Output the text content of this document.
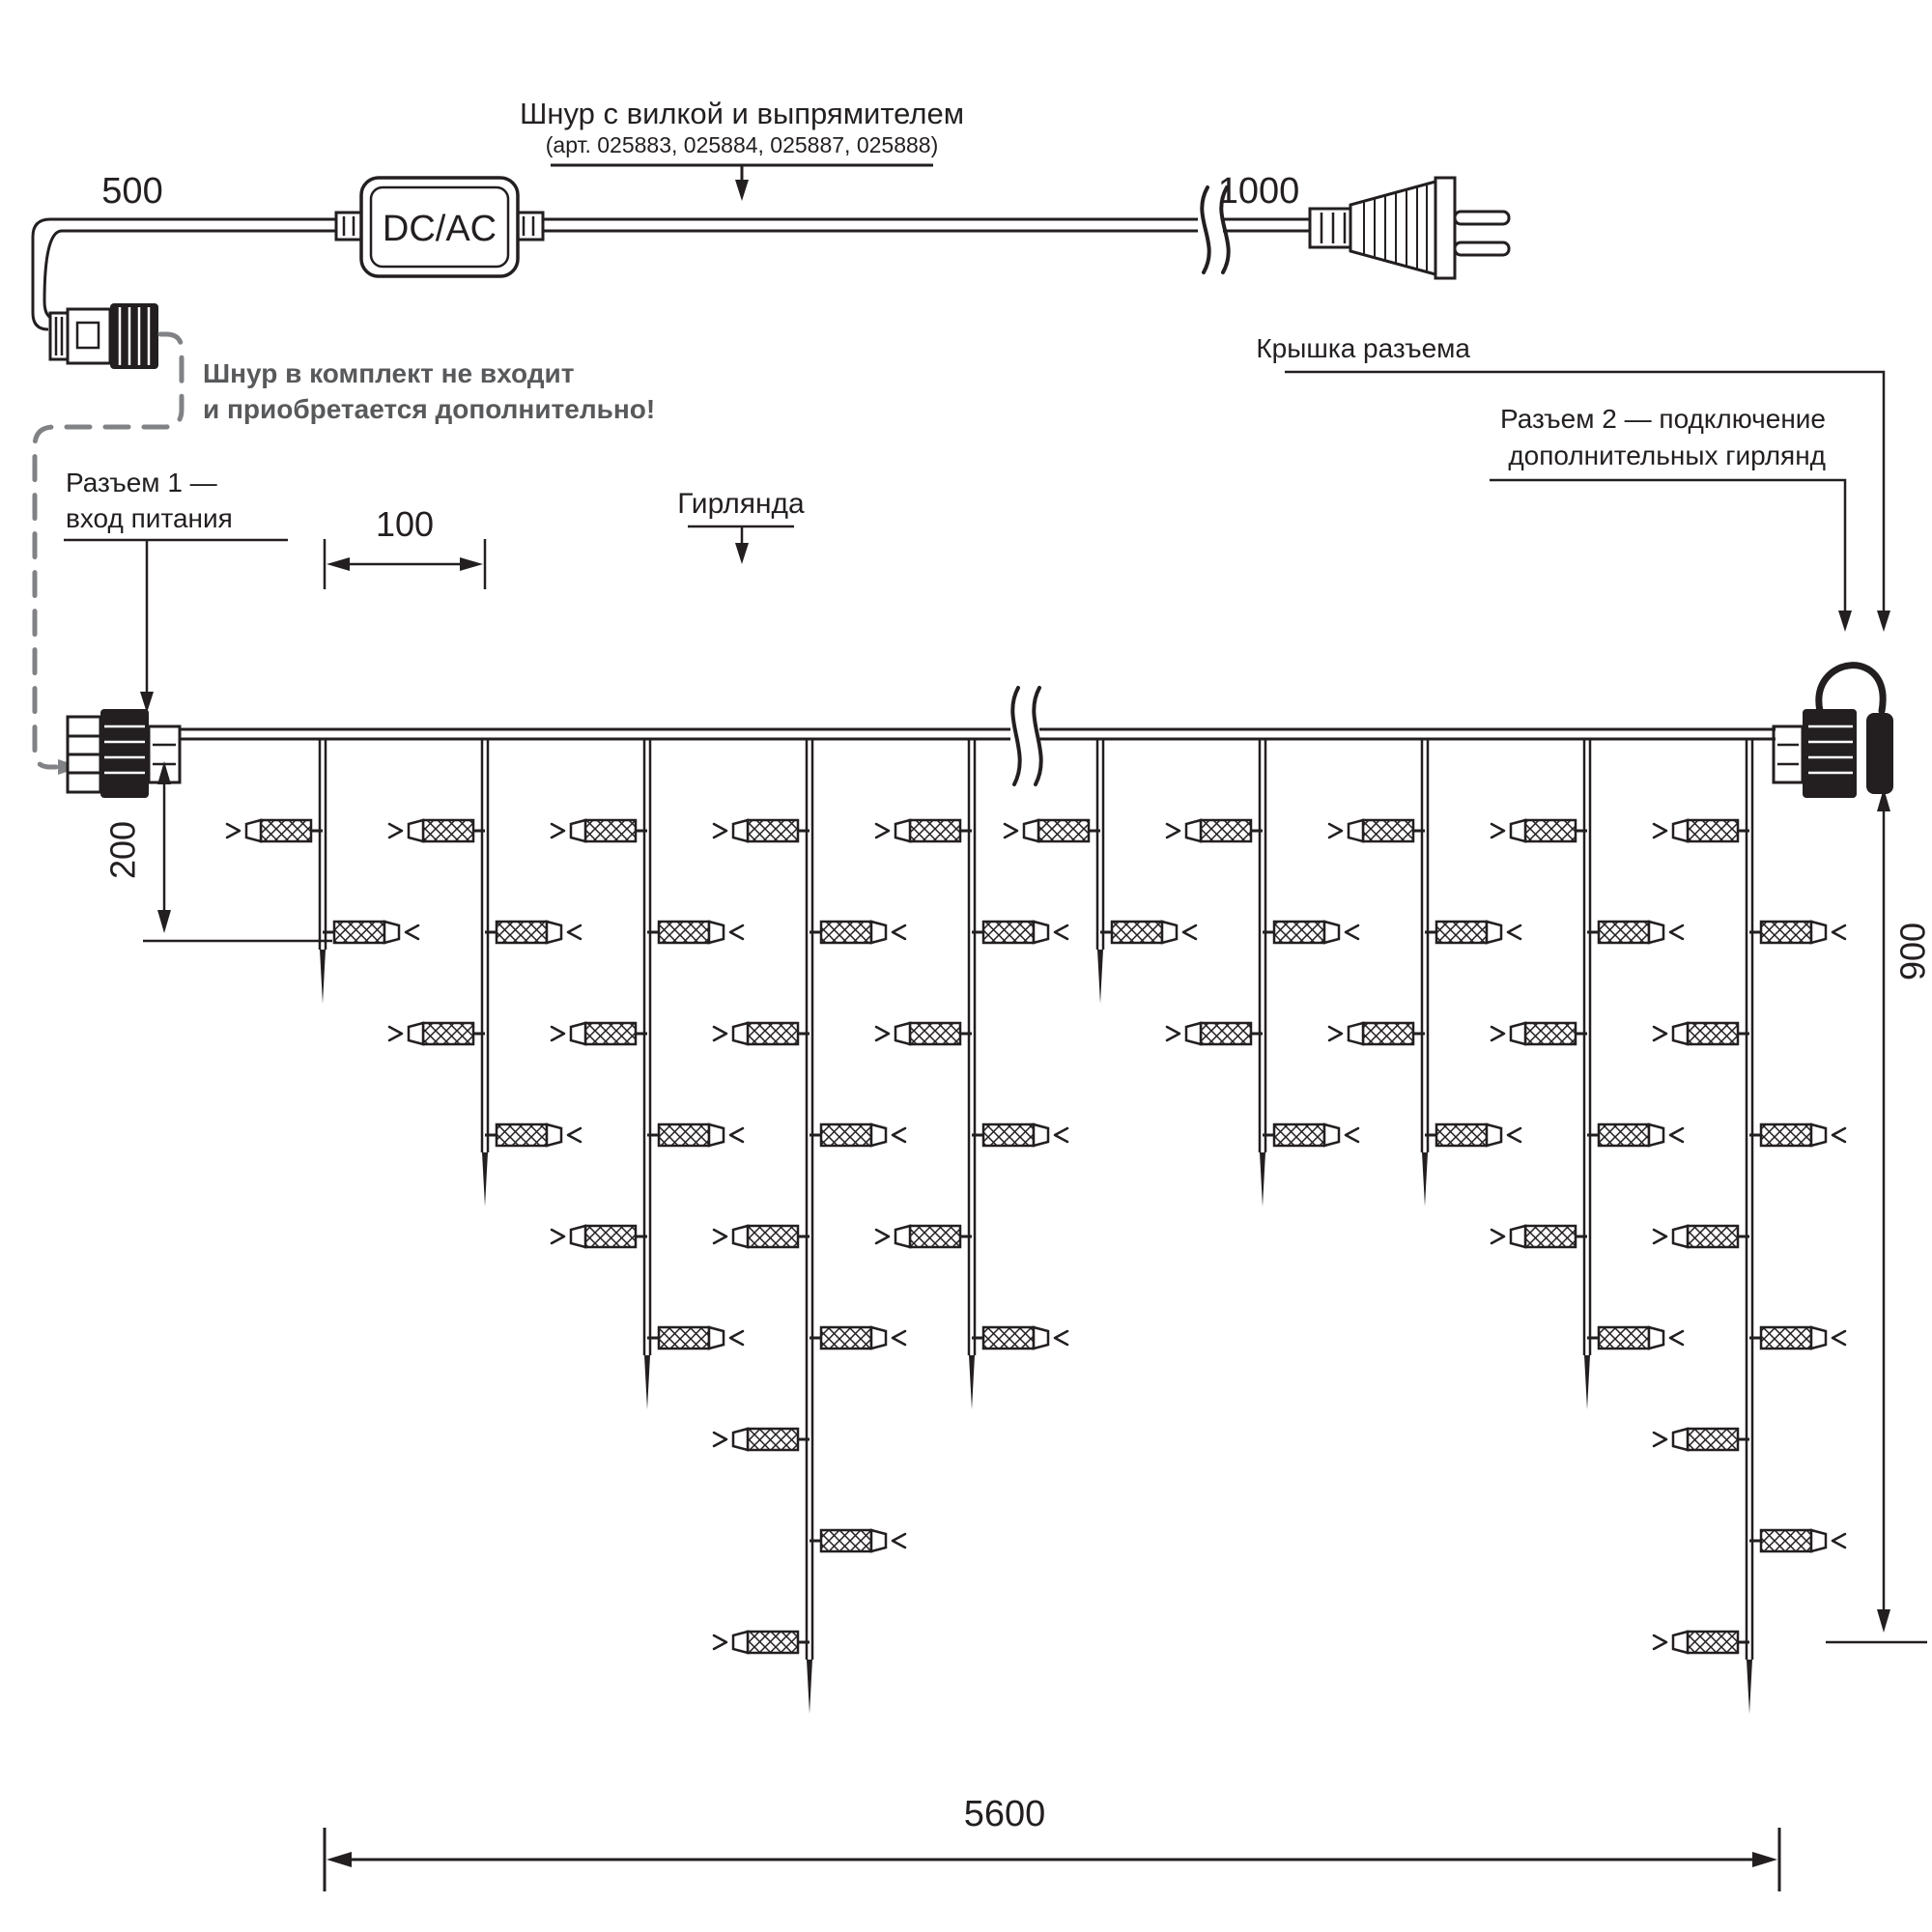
Шнур с вилкой и выпрямителем
(арт. 025883, 025884, 025887, 025888)
500	1000
DC/AC
Шнур в комплект не входит
и приобретается дополнительно!
Разъем 1 —
вход питания	Гирлянда
Крышка разъема
Разъем 2 — подключение
дополнительных гирлянд
100
200
900
5600
